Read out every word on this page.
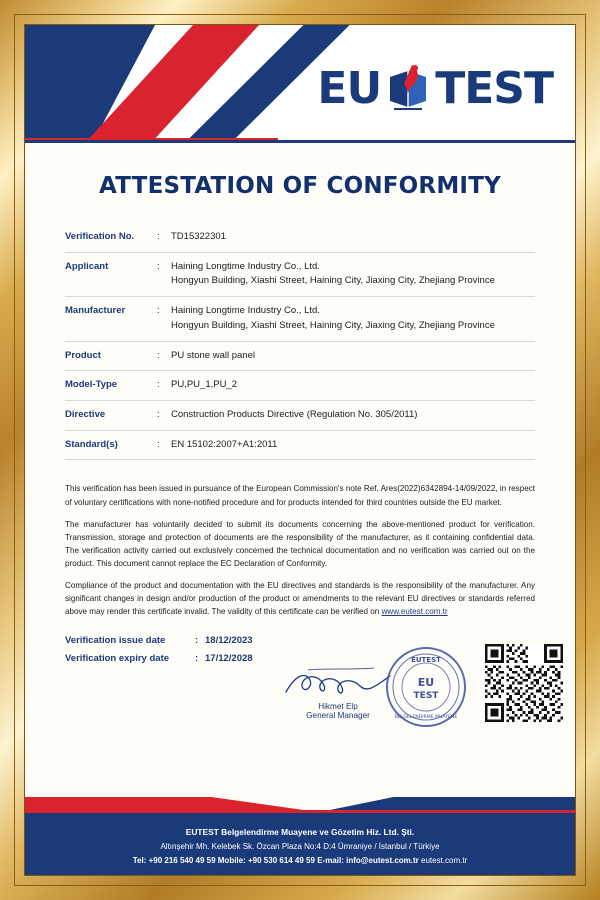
EU TEST
ATTESTATION OF CONFORMITY
Verification No.	:	TD15322301
Applicant	:	Haining Longtime Industry Co., Ltd.
Hongyun Building, Xiashi Street, Haining City, Jiaxing City, Zhejiang Province
Manufacturer	:	Haining Longtime Industry Co., Ltd.
Hongyun Building, Xiashi Street, Haining City, Jiaxing City, Zhejiang Province
Product	:	PU stone wall panel
Model-Type	:	PU,PU_1,PU_2
Directive	:	Construction Products Directive (Regulation No. 305/2011)
Standard(s)	:	EN 15102:2007+A1:2011

This verification has been issued in pursuance of the European Commission's note Ref. Ares(2022)6342894-14/09/2022, in respect of voluntary certifications with none-notified procedure and for products intended for third countries outside the EU market.

The manufacturer has voluntarily decided to submit its documents concerning the above-mentioned product for verification. Transmission, storage and protection of documents are the responsibility of the manufacturer, as it containing confidential data. The verification activity carried out exclusively concerned the technical documentation and no verification was carried out on the product. This document cannot replace the EC Declaration of Conformity.

Compliance of the product and documentation with the EU directives and standards is the responsibility of the manufacturer. Any significant changes in design and/or production of the product or amendments to the relevant EU directives or standards referred above may render this certificate invalid. The validity of this certificate can be verified on www.eutest.com.tr

Verification issue date	: 18/12/2023
Verification expiry date	: 17/12/2028
Hikmet Elp
General Manager
EUTEST
EU
TEST
BELGELENDIRME MUAYENE
EUTEST Belgelendirme Muayene ve Gözetim Hiz. Ltd. Şti.
Altınşehir Mh. Kelebek Sk. Özcan Plaza No:4 D:4 Ümraniye / İstanbul / Türkiye
Tel: +90 216 540 49 59 Mobile: +90 530 614 49 59 E-mail: info@eutest.com.tr eutest.com.tr
